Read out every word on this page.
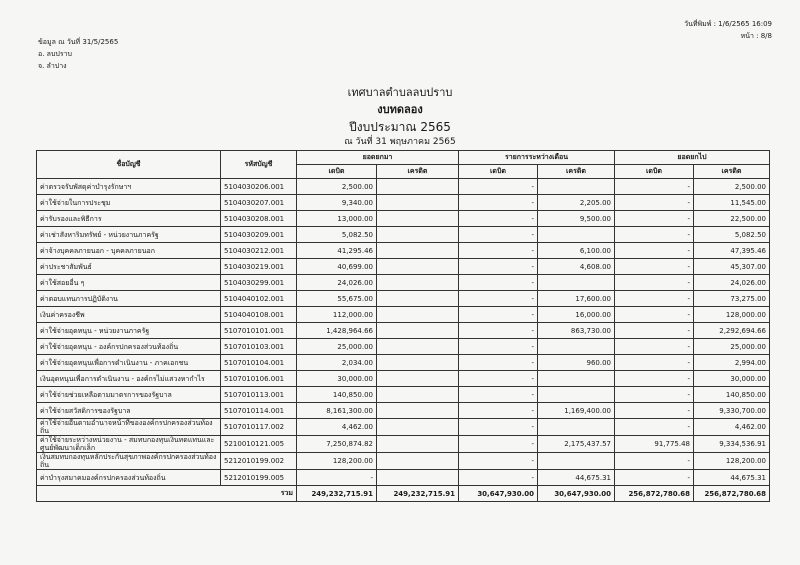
ข้อมูล ณ วันที่ 31/5/2565
อ. ลบปราบ
จ. ลำปาง
วันที่พิมพ์ : 1/6/2565 16:09
หน้า : 8/8
เทศบาลตำบลลบปราบ
งบทดลอง
ปีงบประมาณ 2565
ณ วันที่ 31 พฤษภาคม 2565
ชื่อบัญชี	รหัสบัญชี	ยอดยกมา		รายการระหว่างเดือน		ยอดยกไป	
		เดบิต	เครดิต	เดบิต	เครดิต	เดบิต	เครดิต
ค่าตรวจรับพัสดุค่าบำรุงรักษาฯ	5104030206.001	2,500.00		-		-	2,500.00
ค่าใช้จ่ายในการประชุม	5104030207.001	9,340.00		-	2,205.00	-	11,545.00
ค่ารับรองและพิธีการ	5104030208.001	13,000.00		-	9,500.00	-	22,500.00
ค่าเช่าสังหาริมทรัพย์ - หน่วยงานภาครัฐ	5104030209.001	5,082.50		-		-	5,082.50
ค่าจ้างบุคคลภายนอก - บุคคลภายนอก	5104030212.001	41,295.46		-	6,100.00	-	47,395.46
ค่าประชาสัมพันธ์	5104030219.001	40,699.00		-	4,608.00	-	45,307.00
ค่าใช้สอยอื่น ๆ	5104030299.001	24,026.00		-		-	24,026.00
ค่าตอบแทนการปฏิบัติงาน	5104040102.001	55,675.00		-	17,600.00	-	73,275.00
เงินค่าครองชีพ	5104040108.001	112,000.00		-	16,000.00	-	128,000.00
ค่าใช้จ่ายอุดหนุน - หน่วยงานภาครัฐ	5107010101.001	1,428,964.66		-	863,730.00	-	2,292,694.66
ค่าใช้จ่ายอุดหนุน - องค์กรปกครองส่วนท้องถิ่น	5107010103.001	25,000.00		-		-	25,000.00
ค่าใช้จ่ายอุดหนุนเพื่อการดำเนินงาน - ภาคเอกชน	5107010104.001	2,034.00		-	960.00	-	2,994.00
เงินอุดหนุนเพื่อการดำเนินงาน - องค์กรไม่แสวงหากำไร	5107010106.001	30,000.00		-		-	30,000.00
ค่าใช้จ่ายช่วยเหลือตามมาตรการของรัฐบาล	5107010113.001	140,850.00		-		-	140,850.00
ค่าใช้จ่ายสวัสดิการของรัฐบาล	5107010114.001	8,161,300.00		-	1,169,400.00	-	9,330,700.00
ค่าใช้จ่ายอื่นตามอำนาจหน้าที่ขององค์กรปกครองส่วนท้องถิ่น	5107010117.002	4,462.00		-		-	4,462.00
ค่าใช้จ่ายระหว่างหน่วยงาน - สมทบกองทุนเงินทดแทนและศูนย์พัฒนาเด็กเล็ก	5210010121.005	7,250,874.82		-	2,175,437.57	91,775.48	9,334,536.91
เงินสมทบกองทุนหลักประกันสุขภาพองค์กรปกครองส่วนท้องถิ่น	5212010199.002	128,200.00		-		-	128,200.00
ค่าบำรุงสมาคมองค์กรปกครองส่วนท้องถิ่น	5212010199.005	-		-	44,675.31	-	44,675.31
รวม		249,232,715.91	249,232,715.91	30,647,930.00	30,647,930.00	256,872,780.68	256,872,780.68
